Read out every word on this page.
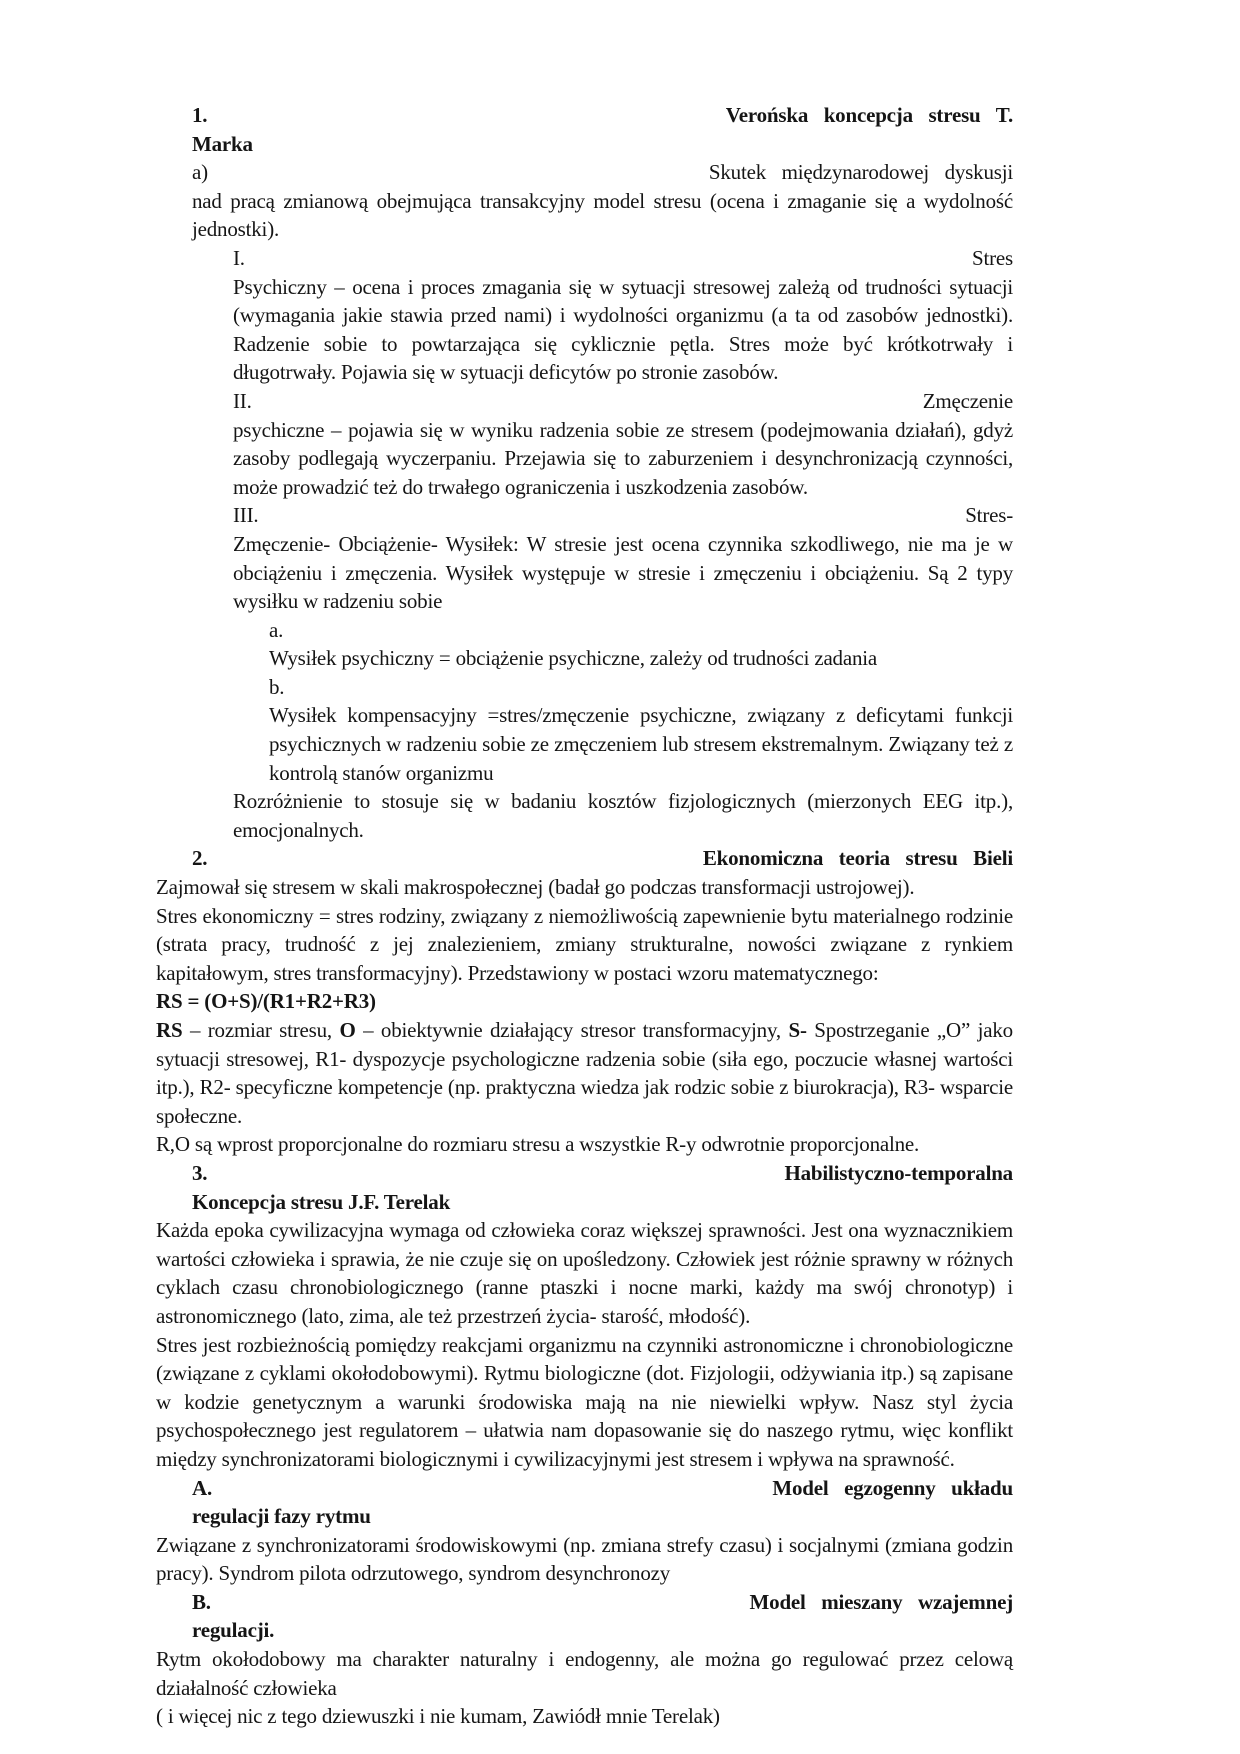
1.	Verońska koncepcja stresu T.

Marka

a)	Skutek międzynarodowej dyskusji

nad pracą zmianową obejmująca transakcyjny model stresu (ocena i zmaganie się a wydolność jednostki).

I.	Stres

Psychiczny – ocena i proces zmagania się w sytuacji stresowej zależą od trudności sytuacji (wymagania jakie stawia przed nami) i wydolności organizmu (a ta od zasobów jednostki). Radzenie sobie to powtarzająca się cyklicznie pętla. Stres może być krótkotrwały i długotrwały. Pojawia się w sytuacji deficytów po stronie zasobów.

II.	Zmęczenie

psychiczne – pojawia się w wyniku radzenia sobie ze stresem (podejmowania działań), gdyż zasoby podlegają wyczerpaniu. Przejawia się to zaburzeniem i desynchronizacją czynności, może prowadzić też do trwałego ograniczenia i uszkodzenia zasobów.

III.	Stres-

Zmęczenie- Obciążenie- Wysiłek: W stresie jest ocena czynnika szkodliwego, nie ma je w obciążeniu i zmęczenia. Wysiłek występuje w stresie i zmęczeniu i obciążeniu. Są 2 typy wysiłku w radzeniu sobie

a.

Wysiłek psychiczny = obciążenie psychiczne, zależy od trudności zadania

b.

Wysiłek kompensacyjny =stres/zmęczenie psychiczne, związany z deficytami funkcji psychicznych w radzeniu sobie ze zmęczeniem lub stresem ekstremalnym. Związany też z kontrolą stanów organizmu

Rozróżnienie to stosuje się w badaniu kosztów fizjologicznych (mierzonych EEG itp.), emocjonalnych.

2.	Ekonomiczna teoria stresu Bieli

Zajmował się stresem w skali makrospołecznej (badał go podczas transformacji ustrojowej).

Stres ekonomiczny = stres rodziny, związany z niemożliwością zapewnienie bytu materialnego rodzinie (strata pracy, trudność z jej znalezieniem, zmiany strukturalne, nowości związane z rynkiem kapitałowym, stres transformacyjny). Przedstawiony w postaci wzoru matematycznego:

RS = (O+S)/(R1+R2+R3)

RS – rozmiar stresu, O – obiektywnie działający stresor transformacyjny, S- Spostrzeganie „O” jako sytuacji stresowej, R1- dyspozycje psychologiczne radzenia sobie (siła ego, poczucie własnej wartości itp.), R2- specyficzne kompetencje (np. praktyczna wiedza jak rodzic sobie z biurokracja), R3- wsparcie społeczne.

R,O są wprost proporcjonalne do rozmiaru stresu a wszystkie R-y odwrotnie proporcjonalne.

3.	Habilistyczno-temporalna

Koncepcja stresu J.F. Terelak

Każda epoka cywilizacyjna wymaga od człowieka coraz większej sprawności. Jest ona wyznacznikiem wartości człowieka i sprawia, że nie czuje się on upośledzony. Człowiek jest różnie sprawny w różnych cyklach czasu chronobiologicznego (ranne ptaszki i nocne marki, każdy ma swój chronotyp) i astronomicznego (lato, zima, ale też przestrzeń życia- starość, młodość).

Stres jest rozbieżnością pomiędzy reakcjami organizmu na czynniki astronomiczne i chronobiologiczne (związane z cyklami okołodobowymi). Rytmu biologiczne (dot. Fizjologii, odżywiania itp.) są zapisane w kodzie genetycznym a warunki środowiska mają na nie niewielki wpływ. Nasz styl życia psychospołecznego jest regulatorem – ułatwia nam dopasowanie się do naszego rytmu, więc konflikt między synchronizatorami biologicznymi i cywilizacyjnymi jest stresem i wpływa na sprawność.

A.	Model egzogenny układu

regulacji fazy rytmu

Związane z synchronizatorami środowiskowymi (np. zmiana strefy czasu) i socjalnymi (zmiana godzin pracy). Syndrom pilota odrzutowego, syndrom desynchronozy

B.	Model mieszany wzajemnej

regulacji.

Rytm okołodobowy ma charakter naturalny i endogenny, ale można go regulować przez celową działalność człowieka

( i więcej nic z tego dziewuszki i nie kumam, Zawiódł mnie Terelak)
